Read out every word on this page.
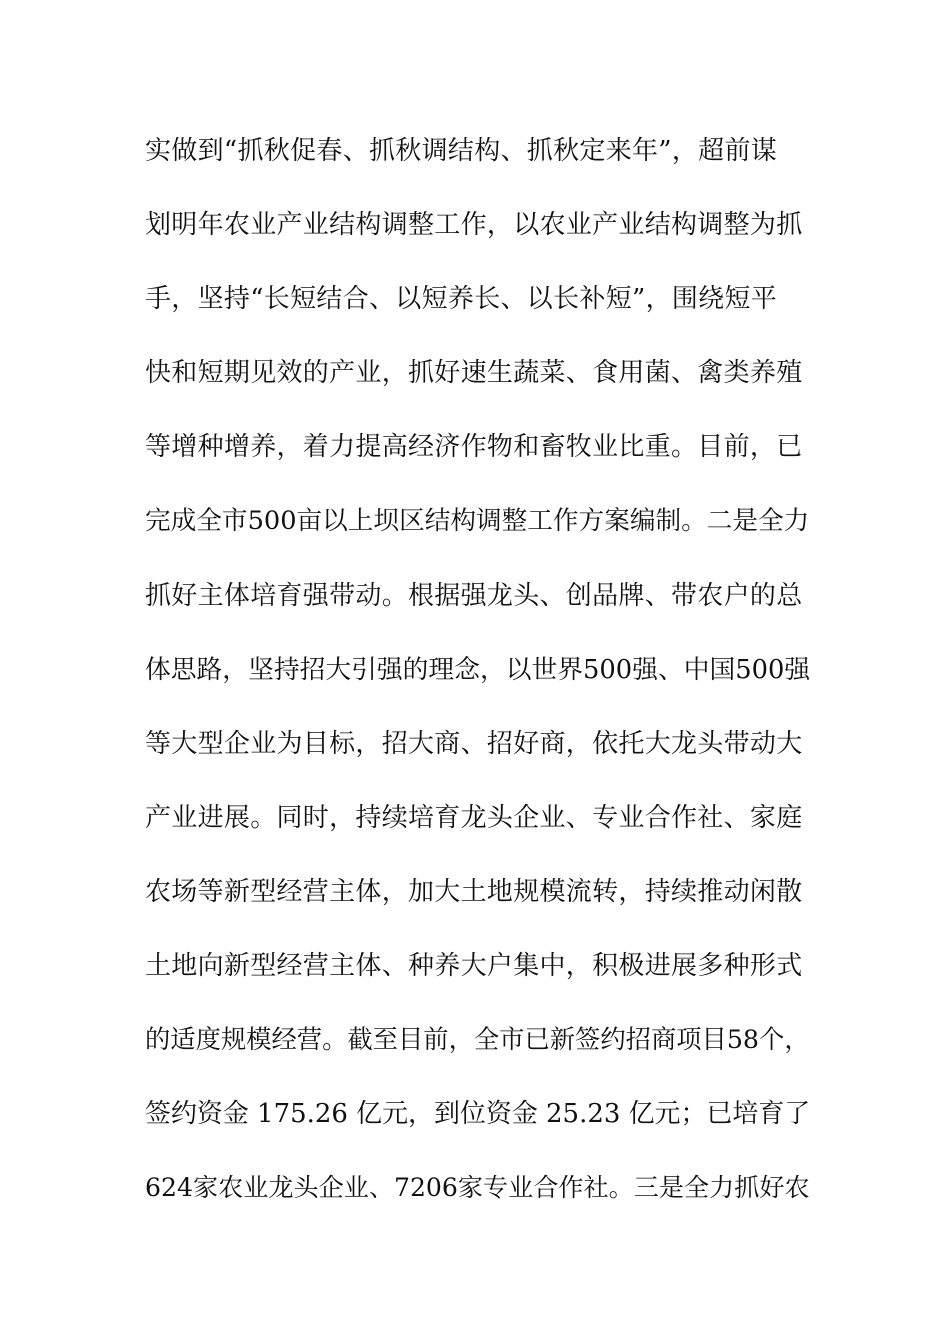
实做到“抓秋促春、抓秋调结构、抓秋定来年”，超前谋
划明年农业产业结构调整工作，以农业产业结构调整为抓
手，坚持“长短结合、以短养长、以长补短”，围绕短平
快和短期见效的产业，抓好速生蔬菜、食用菌、禽类养殖
等增种增养，着力提高经济作物和畜牧业比重。目前，已
完成全市500亩以上坝区结构调整工作方案编制。二是全力
抓好主体培育强带动。根据强龙头、创品牌、带农户的总
体思路，坚持招大引强的理念，以世界500强、中国500强
等大型企业为目标，招大商、招好商，依托大龙头带动大
产业进展。同时，持续培育龙头企业、专业合作社、家庭
农场等新型经营主体，加大土地规模流转，持续推动闲散
土地向新型经营主体、种养大户集中，积极进展多种形式
的适度规模经营。截至目前，全市已新签约招商项目58个，
签约资金 175.26 亿元，到位资金 25.23 亿元；已培育了
624家农业龙头企业、7206家专业合作社。三是全力抓好农
